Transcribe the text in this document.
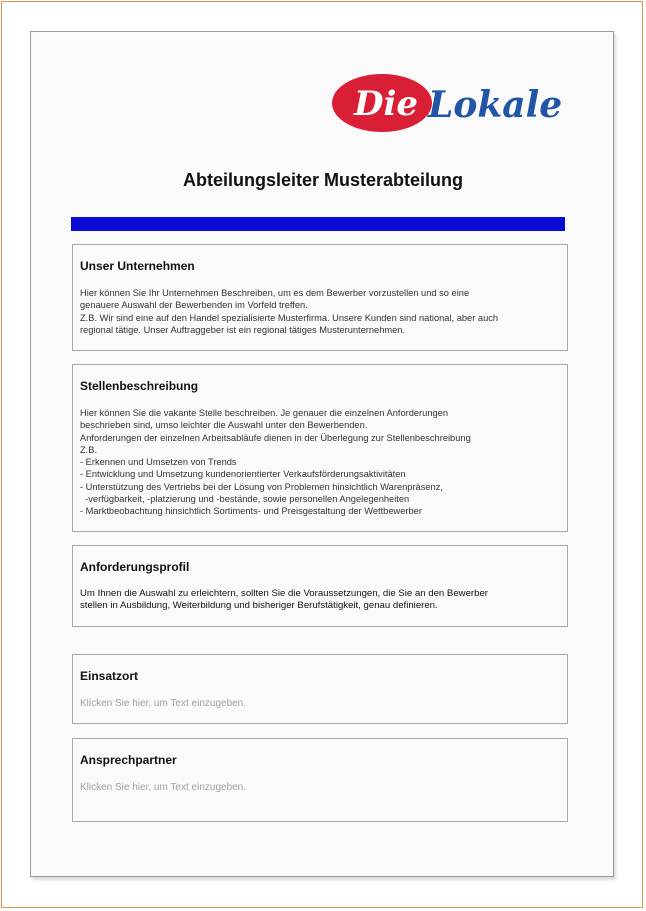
Die Lokale
Abteilungsleiter Musterabteilung
Unser Unternehmen
Hier können Sie Ihr Unternehmen Beschreiben, um es dem Bewerber vorzustellen und so eine
genauere Auswahl der Bewerbenden im Vorfeld treffen.
Z.B. Wir sind eine auf den Handel spezialisierte Musterfirma. Unsere Kunden sind national, aber auch
regional tätige. Unser Auftraggeber ist ein regional tätiges Musterunternehmen.
Stellenbeschreibung
Hier können Sie die vakante Stelle beschreiben. Je genauer die einzelnen Anforderungen
beschrieben sind, umso leichter die Auswahl unter den Bewerbenden.
Anforderungen der einzelnen Arbeitsabläufe dienen in der Überlegung zur Stellenbeschreibung
Z.B.
- Erkennen und Umsetzen von Trends
- Entwicklung und Umsetzung kundenorientierter Verkaufsförderungsaktivitäten
- Unterstützung des Vertriebs bei der Lösung von Problemen hinsichtlich Warenpräsenz,
-verfügbarkeit, -platzierung und -bestände, sowie personellen Angelegenheiten
- Marktbeobachtung hinsichtlich Sortiments- und Preisgestaltung der Wettbewerber
Anforderungsprofil
Um Ihnen die Auswahl zu erleichtern, sollten Sie die Voraussetzungen, die Sie an den Bewerber
stellen in Ausbildung, Weiterbildung und bisheriger Berufstätigkeit, genau definieren.
Einsatzort
Klicken Sie hier, um Text einzugeben.
Ansprechpartner
Klicken Sie hier, um Text einzugeben.
